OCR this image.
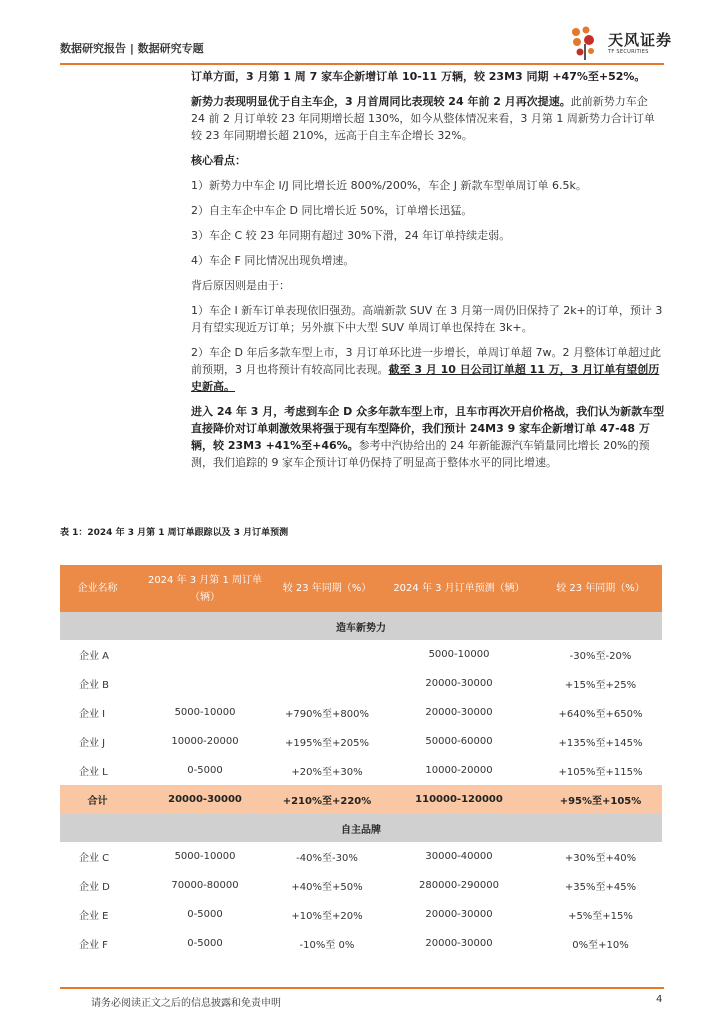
数据研究报告 | 数据研究专题	天风证券
TF SECURITIES

订单方面，3 月第 1 周 7 家车企新增订单 10-11 万辆，较 23M3 同期 +47%至+52%。

新势力表现明显优于自主车企，3 月首周同比表现较 24 年前 2 月再次提速。此前新势力车企 24 前 2 月订单较 23 年同期增长超 130%，如今从整体情况来看，3 月第 1 周新势力合计订单较 23 年同期增长超 210%，远高于自主车企增长 32%。

核心看点：

1）新势力中车企 I/J 同比增长近 800%/200%，车企 J 新款车型单周订单 6.5k。

2）自主车企中车企 D 同比增长近 50%，订单增长迅猛。

3）车企 C 较 23 年同期有超过 30%下滑，24 年订单持续走弱。

4）车企 F 同比情况出现负增速。

背后原因则是由于：

1）车企 I 新车订单表现依旧强劲。高端新款 SUV 在 3 月第一周仍旧保持了 2k+的订单，预计 3 月有望实现近万订单；另外旗下中大型 SUV 单周订单也保持在 3k+。

2）车企 D 年后多款车型上市，3 月订单环比进一步增长，单周订单超 7w。2 月整体订单超过此前预期，3 月也将预计有较高同比表现。截至 3 月 10 日公司订单超 11 万，3 月订单有望创历史新高。

进入 24 年 3 月，考虑到车企 D 众多年款车型上市，且车市再次开启价格战，我们认为新款车型直接降价对订单刺激效果将强于现有车型降价，我们预计 24M3 9 家车企新增订单 47-48 万辆，较 23M3 +41%至+46%。参考中汽协给出的 24 年新能源汽车销量同比增长 20%的预测，我们追踪的 9 家车企预计订单仍保持了明显高于整体水平的同比增速。

表 1：2024 年 3 月第 1 周订单跟踪以及 3 月订单预测
企业名称	2024 年 3 月第 1 周订单（辆）	较 23 年同期（%）	2024 年 3 月订单预测（辆）	较 23 年同期（%）
造车新势力				
企业 A			5000-10000	-30%至-20%
企业 B			20000-30000	+15%至+25%
企业 I	5000-10000	+790%至+800%	20000-30000	+640%至+650%
企业 J	10000-20000	+195%至+205%	50000-60000	+135%至+145%
企业 L	0-5000	+20%至+30%	10000-20000	+105%至+115%
合计	20000-30000	+210%至+220%	110000-120000	+95%至+105%
自主品牌				
企业 C	5000-10000	-40%至-30%	30000-40000	+30%至+40%
企业 D	70000-80000	+40%至+50%	280000-290000	+35%至+45%
企业 E	0-5000	+10%至+20%	20000-30000	+5%至+15%
企业 F	0-5000	-10%至 0%	20000-30000	0%至+10%
请务必阅读正文之后的信息披露和免责申明	4
